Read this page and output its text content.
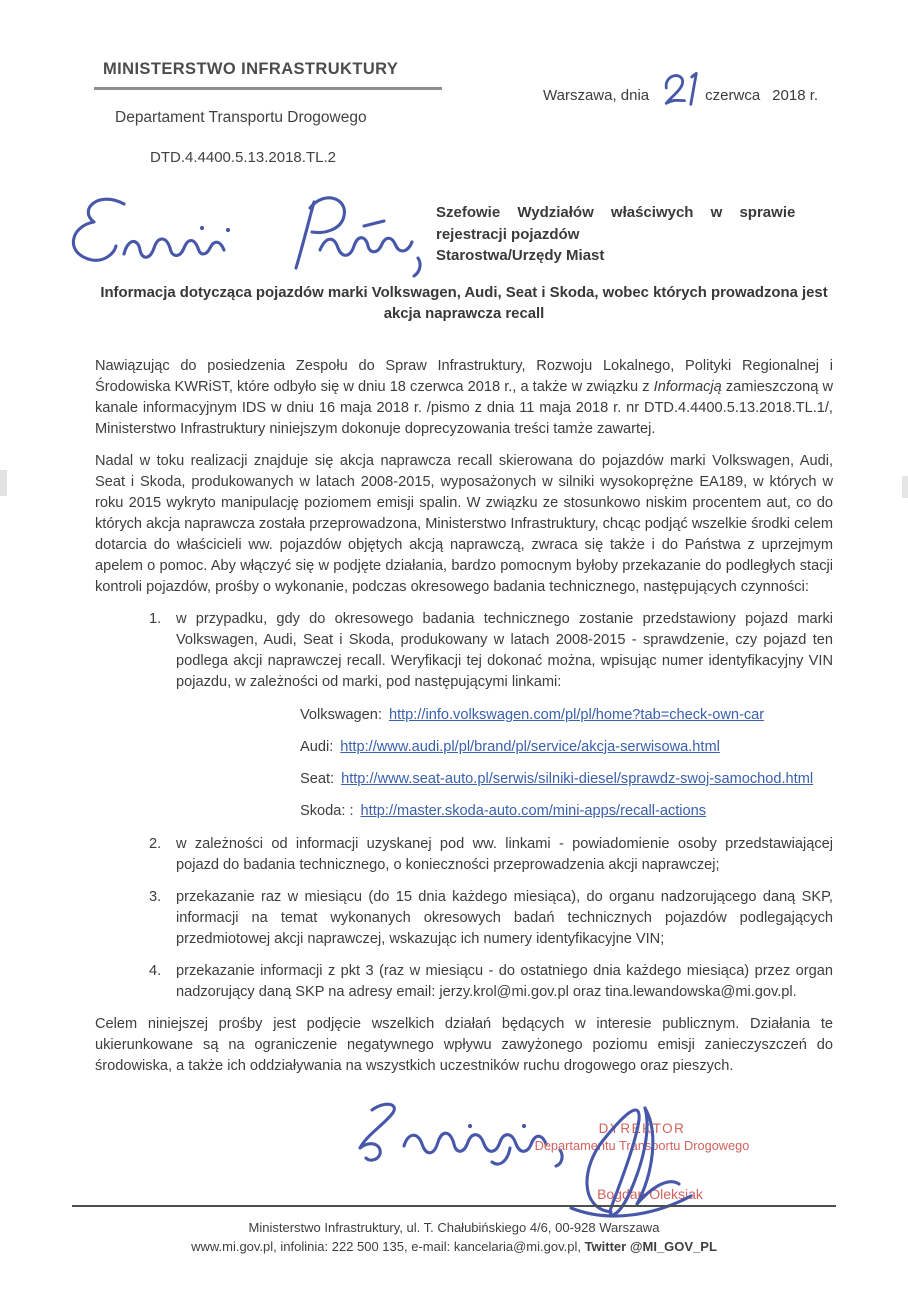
MINISTERSTWO INFRASTRUKTURY
Warszawa, dnia	czerwca 2018 r.
Departament Transportu Drogowego
DTD.4.4400.5.13.2018.TL.2
Szefowie Wydziałów właściwych w sprawie
rejestracji pojazdów
Starostwa/Urzędy Miast
Informacja dotycząca pojazdów marki Volkswagen, Audi, Seat i Skoda, wobec których prowadzona jest akcja naprawcza recall

Nawiązując do posiedzenia Zespołu do Spraw Infrastruktury, Rozwoju Lokalnego, Polityki Regionalnej i Środowiska KWRiST, które odbyło się w dniu 18 czerwca 2018 r., a także w związku z Informacją zamieszczoną w kanale informacyjnym IDS w dniu 16 maja 2018 r. /pismo z dnia 11 maja 2018 r. nr DTD.4.4400.5.13.2018.TL.1/, Ministerstwo Infrastruktury niniejszym dokonuje doprecyzowania treści tamże zawartej.

Nadal w toku realizacji znajduje się akcja naprawcza recall skierowana do pojazdów marki Volkswagen, Audi, Seat i Skoda, produkowanych w latach 2008-2015, wyposażonych w silniki wysokoprężne EA189, w których w roku 2015 wykryto manipulację poziomem emisji spalin. W związku ze stosunkowo niskim procentem aut, co do których akcja naprawcza została przeprowadzona, Ministerstwo Infrastruktury, chcąc podjąć wszelkie środki celem dotarcia do właścicieli ww. pojazdów objętych akcją naprawczą, zwraca się także i do Państwa z uprzejmym apelem o pomoc. Aby włączyć się w podjęte działania, bardzo pomocnym byłoby przekazanie do podległych stacji kontroli pojazdów, prośby o wykonanie, podczas okresowego badania technicznego, następujących czynności:

1.	w przypadku, gdy do okresowego badania technicznego zostanie przedstawiony pojazd marki Volkswagen, Audi, Seat i Skoda, produkowany w latach 2008-2015 - sprawdzenie, czy pojazd ten podlega akcji naprawczej recall. Weryfikacji tej dokonać można, wpisując numer identyfikacyjny VIN pojazdu, w zależności od marki, pod następującymi linkami:
Volkswagen: http://info.volkswagen.com/pl/pl/home?tab=check-own-car
Audi: http://www.audi.pl/pl/brand/pl/service/akcja-serwisowa.html
Seat: http://www.seat-auto.pl/serwis/silniki-diesel/sprawdz-swoj-samochod.html
Skoda: : http://master.skoda-auto.com/mini-apps/recall-actions
2.	w zależności od informacji uzyskanej pod ww. linkami - powiadomienie osoby przedstawiającej pojazd do badania technicznego, o konieczności przeprowadzenia akcji naprawczej;
3.	przekazanie raz w miesiącu (do 15 dnia każdego miesiąca), do organu nadzorującego daną SKP, informacji na temat wykonanych okresowych badań technicznych pojazdów podlegających przedmiotowej akcji naprawczej, wskazując ich numery identyfikacyjne VIN;
4.	przekazanie informacji z pkt 3 (raz w miesiącu - do ostatniego dnia każdego miesiąca) przez organ nadzorujący daną SKP na adresy email: jerzy.krol@mi.gov.pl oraz tina.lewandowska@mi.gov.pl.

Celem niniejszej prośby jest podjęcie wszelkich działań będących w interesie publicznym. Działania te ukierunkowane są na ograniczenie negatywnego wpływu zawyżonego poziomu emisji zanieczyszczeń do środowiska, a także ich oddziaływania na wszystkich uczestników ruchu drogowego oraz pieszych.

DYREKTOR
Departamentu Transportu Drogowego
Bogdan Oleksiak
Ministerstwo Infrastruktury, ul. T. Chałubińskiego 4/6, 00-928 Warszawa
www.mi.gov.pl, infolinia: 222 500 135, e-mail: kancelaria@mi.gov.pl, Twitter @MI_GOV_PL
